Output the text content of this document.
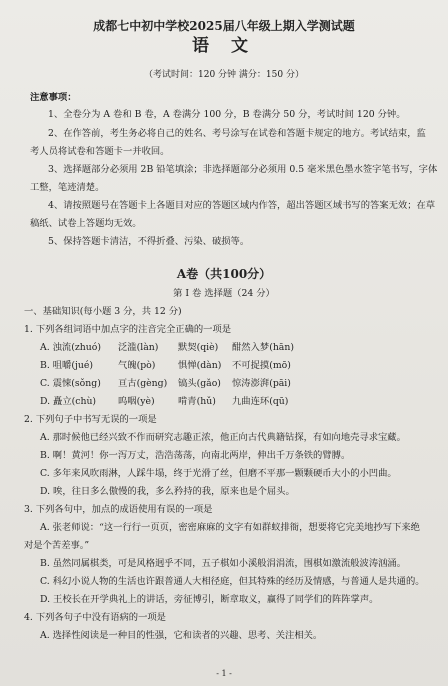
成都七中初中学校2025届八年级上期入学测试题
语 文
（考试时间：120 分钟 满分：150 分）
注意事项：
1、全卷分为 A 卷和 B 卷，A 卷满分 100 分，B 卷满分 50 分，考试时间 120 分钟。
2、在作答前，考生务必将自己的姓名、考号涂写在试卷和答题卡规定的地方。考试结束，监
考人员将试卷和答题卡一并收回。
3、选择题部分必须用 2B 铅笔填涂；非选择题部分必须用 0.5 毫米黑色墨水签字笔书写，字体
工整，笔迹清楚。
4、请按照题号在答题卡上各题目对应的答题区域内作答，超出答题区域书写的答案无效；在草
稿纸、试卷上答题均无效。
5、保持答题卡清洁，不得折叠、污染、破损等。
A卷（共100分）
第 I 卷 选择题（24 分）
一、基础知识(每小题 3 分，共 12 分)
1. 下列各组词语中加点字的注音完全正确的一项是
A. 浊流(zhuó) 泛滥(làn) 默契(qiè) 酣然入梦(hān)
B. 咀嚼(jué)	气魄(pò) 惧惮(dàn) 不可捉摸(mō)
C. 震悚(sǒng) 亘古(gèng) 镐头(gǎo) 惊涛澎湃(pāi)
D. 矗立(chù) 呜咽(yè)	啃青(hǔ) 九曲连环(qū)
2. 下列句子中书写无误的一项是
A. 那时候他已经兴致不作而研究志趣正浓，他正向古代典籍钻探，有如向地壳寻求宝藏。
B. 啊！黄河！你一泻万丈，浩浩荡荡，向南北两岸，伸出千万条铁的臂膊。
C. 多年来风吹雨淋，人踩牛塌，终于光滑了丝，但磨不平那一颗颗硬币大小的小凹曲。
D. 唉，往日多么傲慢的我，多么矜持的我，原来也是个屈头。
3. 下列各句中，加点的成语使用有误的一项是
A. 张老师说：“这一行行一页页，密密麻麻的文字有如群蚁排衙，想要将它完美地抄写下来绝
对是个苦差事。”
B. 虽然同属棋类，可是风格迥乎不同，五子棋如小溪般涓涓流，围棋如激流般波涛汹涌。
C. 科幻小说人物的生活也许跟普通人大相径庭，但其特殊的经历及情感，与普通人是共通的。
D. 王校长在开学典礼上的讲话，旁征博引，断章取义，赢得了同学们的阵阵掌声。
4. 下列各句子中没有语病的一项是
A. 选择性阅读是一种目的性强，它和读者的兴趣、思考、关注相关。
- 1 -
